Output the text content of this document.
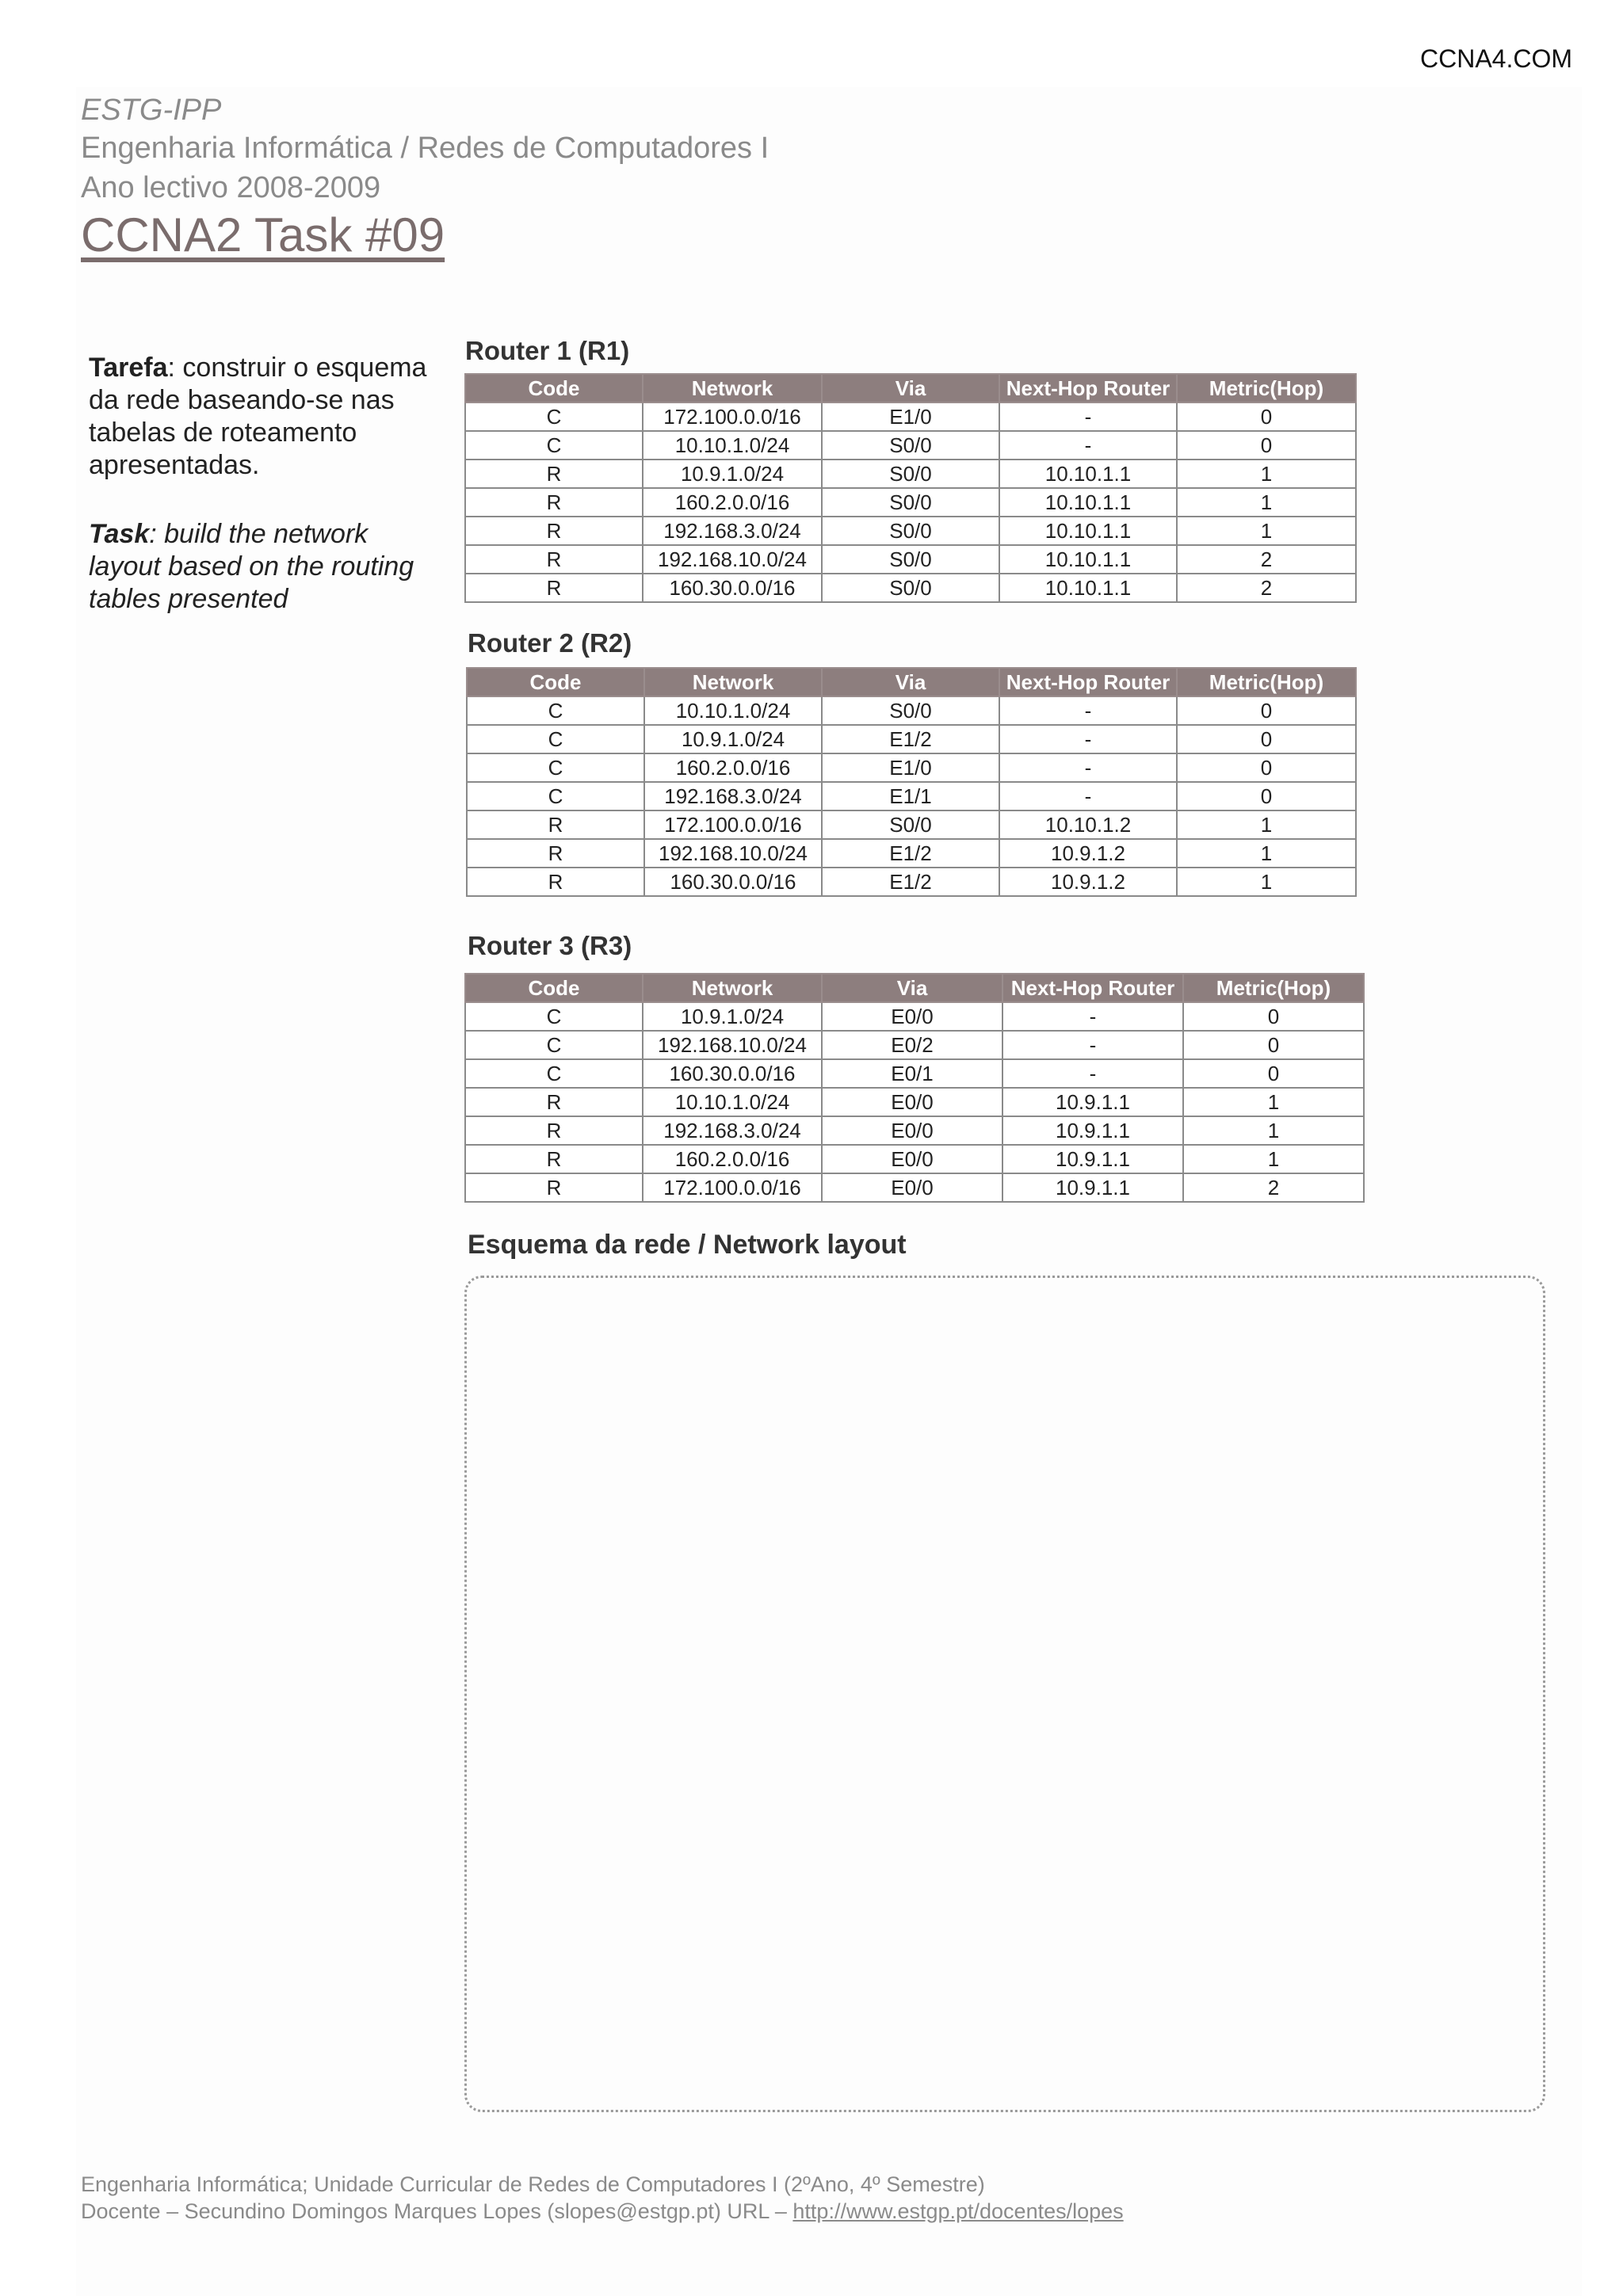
CCNA4.COM
ESTG-IPP
Engenharia Informática / Redes de Computadores I
Ano lectivo 2008-2009
CCNA2 Task #09
Tarefa: construir o esquema da rede baseando-se nas tabelas de roteamento apresentadas.
Task: build the network layout based on the routing tables presented
Router 1 (R1)
Code	Network	Via	Next-Hop Router	Metric(Hop)
C	172.100.0.0/16	E1/0	-	0
C	10.10.1.0/24	S0/0	-	0
R	10.9.1.0/24	S0/0	10.10.1.1	1
R	160.2.0.0/16	S0/0	10.10.1.1	1
R	192.168.3.0/24	S0/0	10.10.1.1	1
R	192.168.10.0/24	S0/0	10.10.1.1	2
R	160.30.0.0/16	S0/0	10.10.1.1	2
Router 2 (R2)
Code	Network	Via	Next-Hop Router	Metric(Hop)
C	10.10.1.0/24	S0/0	-	0
C	10.9.1.0/24	E1/2	-	0
C	160.2.0.0/16	E1/0	-	0
C	192.168.3.0/24	E1/1	-	0
R	172.100.0.0/16	S0/0	10.10.1.2	1
R	192.168.10.0/24	E1/2	10.9.1.2	1
R	160.30.0.0/16	E1/2	10.9.1.2	1
Router 3 (R3)
Code	Network	Via	Next-Hop Router	Metric(Hop)
C	10.9.1.0/24	E0/0	-	0
C	192.168.10.0/24	E0/2	-	0
C	160.30.0.0/16	E0/1	-	0
R	10.10.1.0/24	E0/0	10.9.1.1	1
R	192.168.3.0/24	E0/0	10.9.1.1	1
R	160.2.0.0/16	E0/0	10.9.1.1	1
R	172.100.0.0/16	E0/0	10.9.1.1	2
Esquema da rede / Network layout
Engenharia Informática; Unidade Curricular de Redes de Computadores I (2ºAno, 4º Semestre)
Docente – Secundino Domingos Marques Lopes (slopes@estgp.pt) URL – http://www.estgp.pt/docentes/lopes
